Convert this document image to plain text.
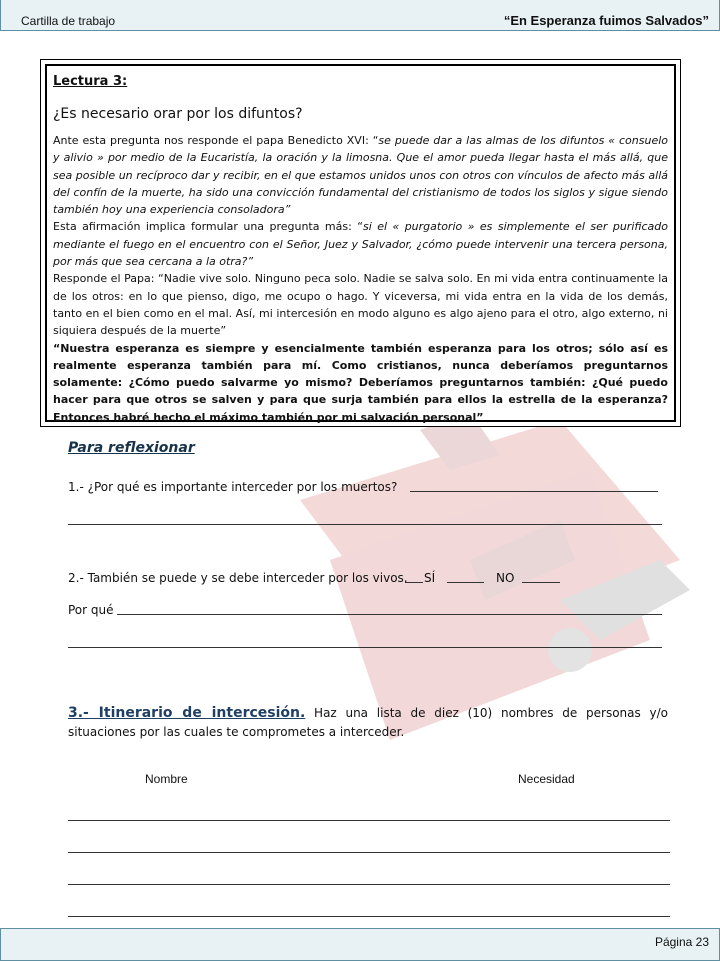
Cartilla de trabajo	“En Esperanza fuimos Salvados”
Lectura 3:
¿Es necesario orar por los difuntos?

Ante esta pregunta nos responde el papa Benedicto XVI: “se puede dar a las almas de los difuntos « consuelo y alivio » por medio de la Eucaristía, la oración y la limosna. Que el amor pueda llegar hasta el más allá, que sea posible un recíproco dar y recibir, en el que estamos unidos unos con otros con vínculos de afecto más allá del confín de la muerte, ha sido una convicción fundamental del cristianismo de todos los siglos y sigue siendo también hoy una experiencia consoladora”

Esta afirmación implica formular una pregunta más: “si el « purgatorio » es simplemente el ser purificado mediante el fuego en el encuentro con el Señor, Juez y Salvador, ¿cómo puede intervenir una tercera persona, por más que sea cercana a la otra?”

Responde el Papa: “Nadie vive solo. Ninguno peca solo. Nadie se salva solo. En mi vida entra continuamente la de los otros: en lo que pienso, digo, me ocupo o hago. Y viceversa, mi vida entra en la vida de los demás, tanto en el bien como en el mal. Así, mi intercesión en modo alguno es algo ajeno para el otro, algo externo, ni siquiera después de la muerte”

“Nuestra esperanza es siempre y esencialmente también esperanza para los otros; sólo así es realmente esperanza también para mí. Como cristianos, nunca deberíamos preguntarnos solamente: ¿Cómo puedo salvarme yo mismo? Deberíamos preguntarnos también: ¿Qué puedo hacer para que otros se salven y para que surja también para ellos la estrella de la esperanza? Entonces habré hecho el máximo también por mi salvación personal”

Para reflexionar
1.- ¿Por qué es importante interceder por los muertos?
2.- También se puede y se debe interceder por los vivos. SÍ	NO
Por qué
3.- Itinerario de intercesión. Haz una lista de diez (10) nombres de personas y/o situaciones por las cuales te comprometes a interceder.
Nombre	Necesidad
Página 23
